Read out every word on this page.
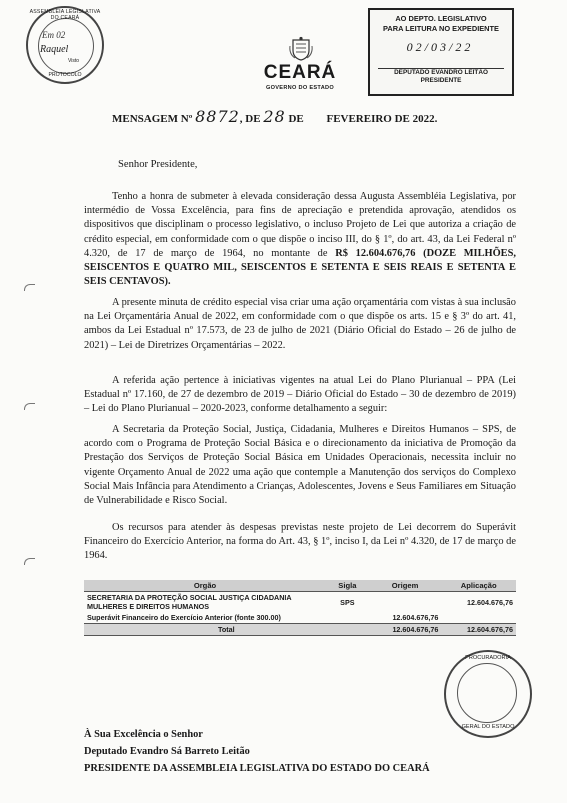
ASSEMBLEIA LEGISLATIVA DO CEARÁ
Em 02
Raquel
Visto
PROTOCOLO
AO DEPTO. LEGISLATIVO
PARA LEITURA NO EXPEDIENTE
02/03/22
DEPUTADO EVANDRO LEITÃO
PRESIDENTE
CEARÁ
GOVERNO DO ESTADO
MENSAGEM Nº 8872, DE 28 DE FEVEREIRO DE 2022.
Senhor Presidente,
Tenho a honra de submeter à elevada consideração dessa Augusta Assembléia Legislativa, por intermédio de Vossa Excelência, para fins de apreciação e pretendida aprovação, atendidos os dispositivos que disciplinam o processo legislativo, o incluso Projeto de Lei que autoriza a criação de crédito especial, em conformidade com o que dispõe o inciso III, do § 1º, do art. 43, da Lei Federal nº 4.320, de 17 de março de 1964, no montante de R$ 12.604.676,76 (DOZE MILHÕES, SEISCENTOS E QUATRO MIL, SEISCENTOS E SETENTA E SEIS REAIS E SETENTA E SEIS CENTAVOS).
A presente minuta de crédito especial visa criar uma ação orçamentária com vistas à sua inclusão na Lei Orçamentária Anual de 2022, em conformidade com o que dispõe os arts. 15 e § 3º do art. 41, ambos da Lei Estadual nº 17.573, de 23 de julho de 2021 (Diário Oficial do Estado – 26 de julho de 2021) – Lei de Diretrizes Orçamentárias – 2022.
A referida ação pertence à iniciativas vigentes na atual Lei do Plano Plurianual – PPA (Lei Estadual nº 17.160, de 27 de dezembro de 2019 – Diário Oficial do Estado – 30 de dezembro de 2019) – Lei do Plano Plurianual – 2020-2023, conforme detalhamento a seguir:
A Secretaria da Proteção Social, Justiça, Cidadania, Mulheres e Direitos Humanos – SPS, de acordo com o Programa de Proteção Social Básica e o direcionamento da iniciativa de Promoção da Prestação dos Serviços de Proteção Social Básica em Unidades Operacionais, necessita incluir no vigente Orçamento Anual de 2022 uma ação que contemple a Manutenção dos serviços do Complexo Social Mais Infância para Atendimento a Crianças, Adolescentes, Jovens e Seus Familiares em Situação de Vulnerabilidade e Risco Social.
Os recursos para atender às despesas previstas neste projeto de Lei decorrem do Superávit Financeiro do Exercício Anterior, na forma do Art. 43, § 1º, inciso I, da Lei nº 4.320, de 17 de março de 1964.
Orgão	Sigla	Origem	Aplicação
SECRETARIA DA PROTEÇÃO SOCIAL JUSTIÇA CIDADANIA MULHERES E DIREITOS HUMANOS	SPS		12.604.676,76
Superávit Financeiro do Exercício Anterior (fonte 300.00)		12.604.676,76	
Total		12.604.676,76	12.604.676,76
PROCURADORIA
GERAL DO ESTADO
À Sua Excelência o Senhor
Deputado Evandro Sá Barreto Leitão
PRESIDENTE DA ASSEMBLEIA LEGISLATIVA DO ESTADO DO CEARÁ
